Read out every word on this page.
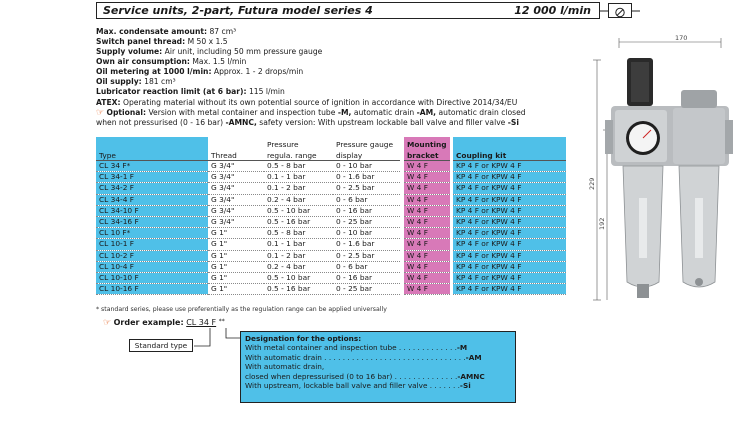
Service units, 2-part, Futura model series 4	12 000 l/min
Max. condensate amount: 87 cm³
Switch panel thread: M 50 x 1.5
Supply volume: Air unit, including 50 mm pressure gauge
Own air consumption: Max. 1.5 l/min
Oil metering at 1000 l/min: Approx. 1 - 2 drops/min
Oil supply: 181 cm³
Lubricator reaction limit (at 6 bar): 115 l/min
ATEX: Operating material without its own potential source of ignition in accordance with Directive 2014/34/EU
☞ Optional: Version with metal container and inspection tube -M, automatic drain -AM, automatic drain closed
when not pressurised (0 - 16 bar) -AMNC, safety version: With upstream lockable ball valve and filler valve -Si
		Pressure	Pressure gauge		Mounting		
Type	Thread	regula. range	display		bracket		Coupling kit
CL 34 F*	G 3/4"	0.5 - 8 bar	0 - 10 bar		W 4 F		KP 4 F or KPW 4 F
CL 34-1 F	G 3/4"	0.1 - 1 bar	0 - 1.6 bar		W 4 F		KP 4 F or KPW 4 F
CL 34-2 F	G 3/4"	0.1 - 2 bar	0 - 2.5 bar		W 4 F		KP 4 F or KPW 4 F
CL 34-4 F	G 3/4"	0.2 - 4 bar	0 - 6 bar		W 4 F		KP 4 F or KPW 4 F
CL 34-10 F	G 3/4"	0.5 - 10 bar	0 - 16 bar		W 4 F		KP 4 F or KPW 4 F
CL 34-16 F	G 3/4"	0.5 - 16 bar	0 - 25 bar		W 4 F		KP 4 F or KPW 4 F
CL 10 F*	G 1"	0.5 - 8 bar	0 - 10 bar		W 4 F		KP 4 F or KPW 4 F
CL 10-1 F	G 1"	0.1 - 1 bar	0 - 1.6 bar		W 4 F		KP 4 F or KPW 4 F
CL 10-2 F	G 1"	0.1 - 2 bar	0 - 2.5 bar		W 4 F		KP 4 F or KPW 4 F
CL 10-4 F	G 1"	0.2 - 4 bar	0 - 6 bar		W 4 F		KP 4 F or KPW 4 F
CL 10-10 F	G 1"	0.5 - 10 bar	0 - 16 bar		W 4 F		KP 4 F or KPW 4 F
CL 10-16 F	G 1"	0.5 - 16 bar	0 - 25 bar		W 4 F		KP 4 F or KPW 4 F
* standard series, please use preferentially as the regulation range can be applied universally
☞ Order example: CL 34 F **
Standard type
Designation for the options:
With metal container and inspection tube . . . . . . . . . . . . .-M
With automatic drain . . . . . . . . . . . . . . . . . . . . . . . . . . . . . . .-AM
With automatic drain,
closed when depressurised (0 to 16 bar) . . . . . . . . . . . . . .-AMNC
With upstream, lockable ball valve and filler valve . . . . . . .-Si
170
229
192
